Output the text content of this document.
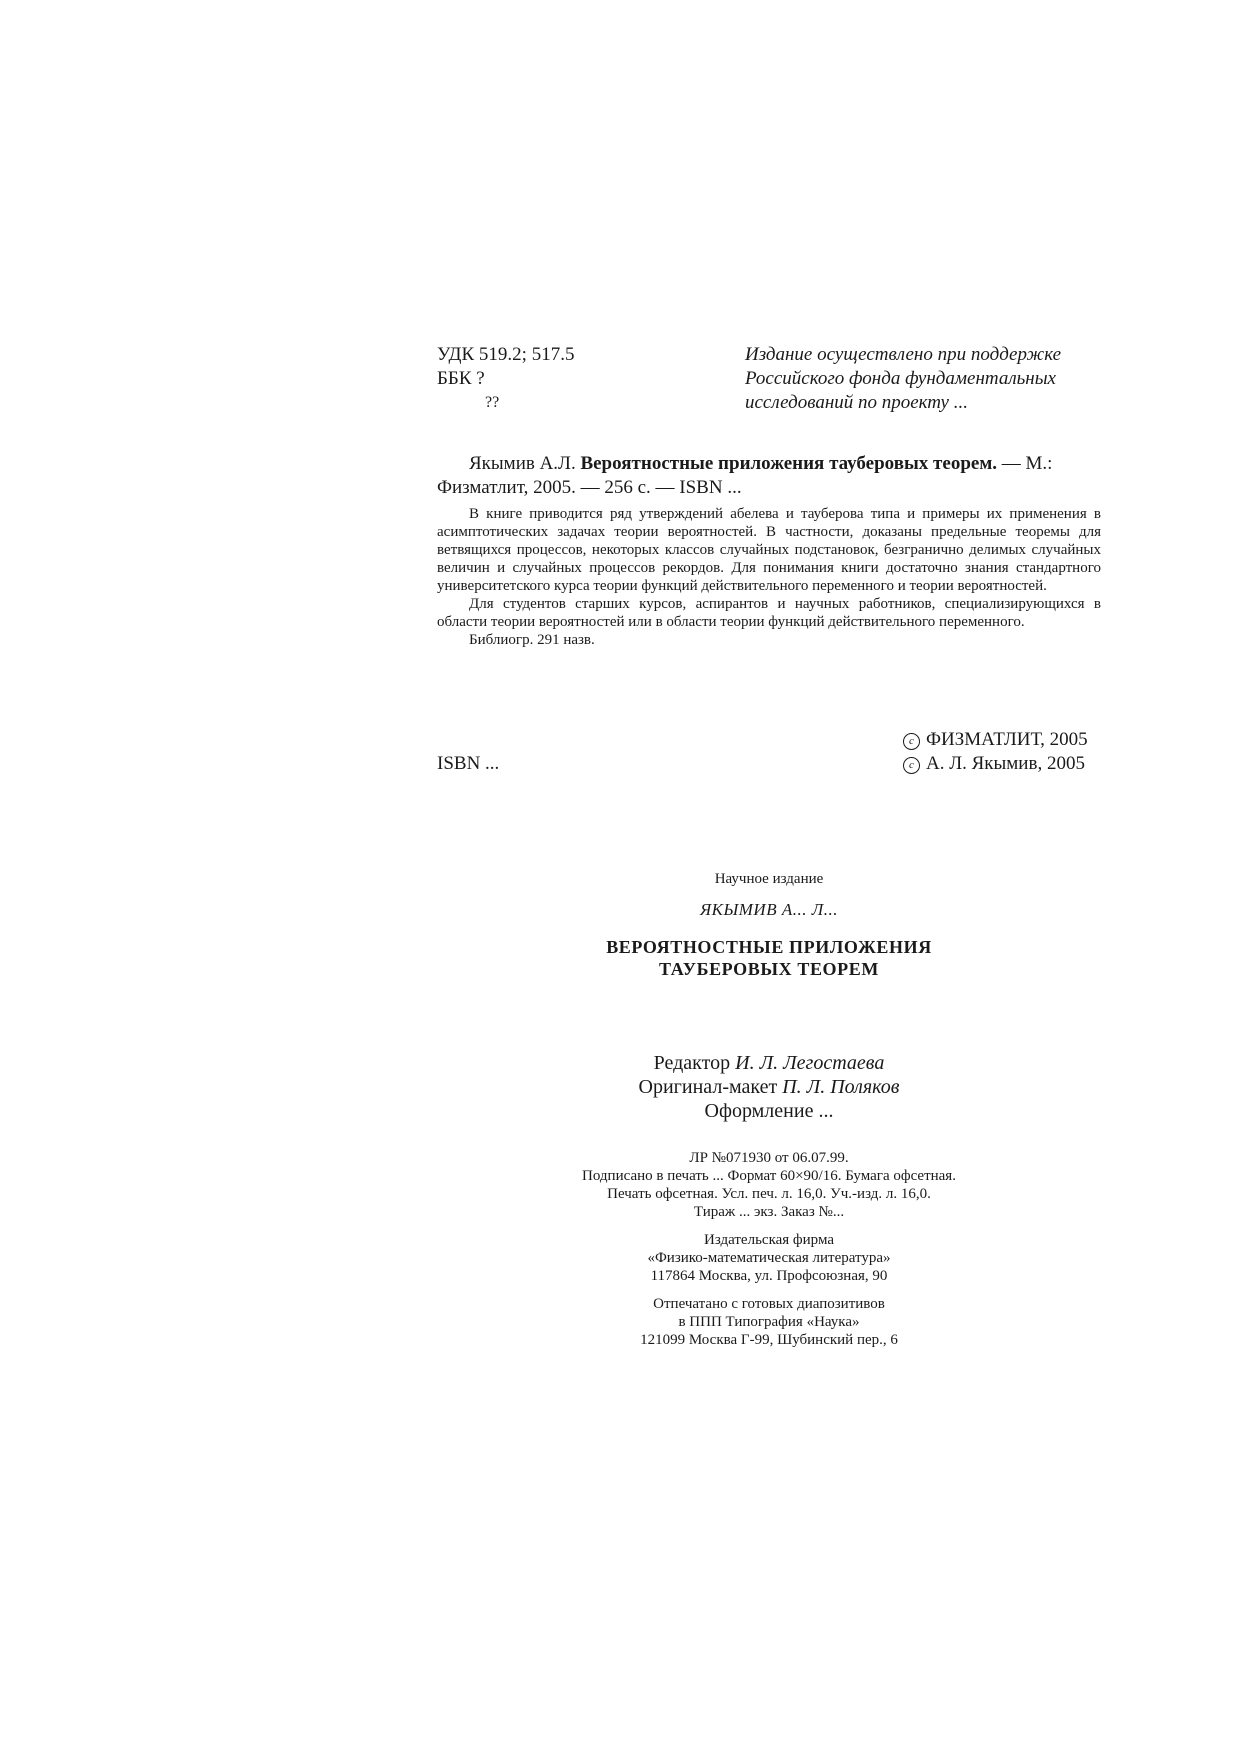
УДК 519.2; 517.5
ББК ?
??
Издание осуществлено при поддержке
Российского фонда фундаментальных
исследований по проекту ...

Якымив А.Л. Вероятностные приложения тауберовых теорем. — М.:

Физматлит, 2005. — 256 с. — ISBN ...

В книге приводится ряд утверждений абелева и тауберова типа и примеры их применения в асимптотических задачах теории вероятностей. В частности, доказаны предельные теоремы для ветвящихся процессов, некоторых классов случайных подстановок, безгранично делимых случайных величин и случайных процессов рекордов. Для понимания книги достаточно знания стандартного университетского курса теории функций действительного переменного и теории вероятностей.

Для студентов старших курсов, аспирантов и научных работников, специализирующихся в области теории вероятностей или в области теории функций действительного переменного.

Библиогр. 291 назв.

c ФИЗМАТЛИТ, 2005
c А. Л. Якымив, 2005
ISBN ...
Научное издание
ЯКЫМИВ А... Л...
ВЕРОЯТНОСТНЫЕ ПРИЛОЖЕНИЯ
ТАУБЕРОВЫХ ТЕОРЕМ
Редактор И. Л. Легостаева
Оригинал-макет П. Л. Поляков
Оформление ...
ЛР №071930 от 06.07.99.
Подписано в печать ... Формат 60×90/16. Бумага офсетная.
Печать офсетная. Усл. печ. л. 16,0. Уч.-изд. л. 16,0.
Тираж ... экз. Заказ №...
Издательская фирма
«Физико-математическая литература»
117864 Москва, ул. Профсоюзная, 90
Отпечатано с готовых диапозитивов
в ППП Типография «Наука»
121099 Москва Г-99, Шубинский пер., 6
